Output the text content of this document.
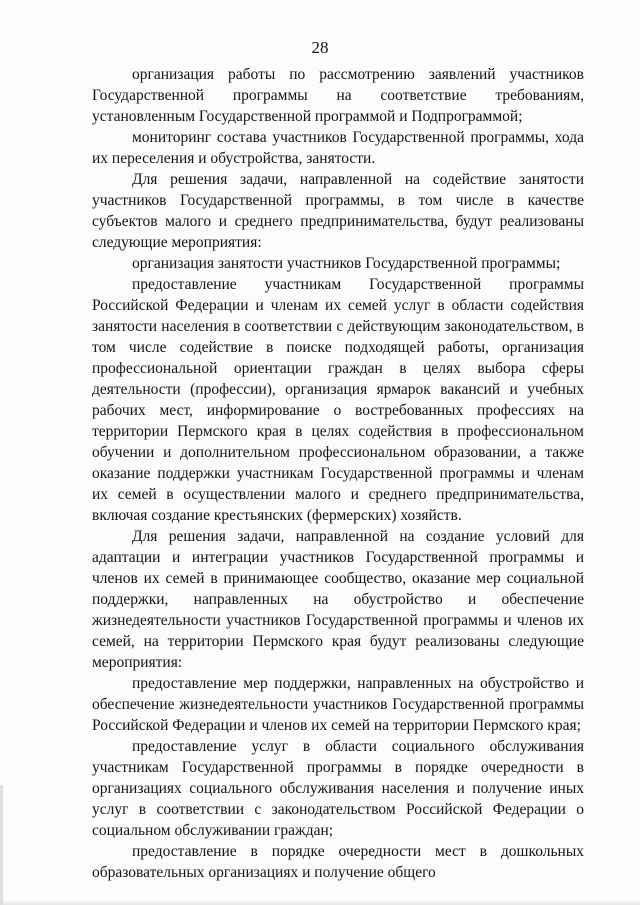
28

организация работы по рассмотрению заявлений участников Государственной программы на соответствие требованиям, установленным Государственной программой и Подпрограммой;

мониторинг состава участников Государственной программы, хода их переселения и обустройства, занятости.

Для решения задачи, направленной на содействие занятости участников Государственной программы, в том числе в качестве субъектов малого и среднего предпринимательства, будут реализованы следующие мероприятия:

организация занятости участников Государственной программы;

предоставление участникам Государственной программы Российской Федерации и членам их семей услуг в области содействия занятости населения в соответствии с действующим законодательством, в том числе содействие в поиске подходящей работы, организация профессиональной ориентации граждан в целях выбора сферы деятельности (профессии), организация ярмарок вакансий и учебных рабочих мест, информирование о востребованных профессиях на территории Пермского края в целях содействия в профессиональном обучении и дополнительном профессиональном образовании, а также оказание поддержки участникам Государственной программы и членам их семей в осуществлении малого и среднего предпринимательства, включая создание крестьянских (фермерских) хозяйств.

Для решения задачи, направленной на создание условий для адаптации и интеграции участников Государственной программы и членов их семей в принимающее сообщество, оказание мер социальной поддержки, направленных на обустройство и обеспечение жизнедеятельности участников Государственной программы и членов их семей, на территории Пермского края будут реализованы следующие мероприятия:

предоставление мер поддержки, направленных на обустройство и обеспечение жизнедеятельности участников Государственной программы Российской Федерации и членов их семей на территории Пермского края;

предоставление услуг в области социального обслуживания участникам Государственной программы в порядке очередности в организациях социального обслуживания населения и получение иных услуг в соответствии с законодательством Российской Федерации о социальном обслуживании граждан;

предоставление в порядке очередности мест в дошкольных образовательных организациях и получение общего
